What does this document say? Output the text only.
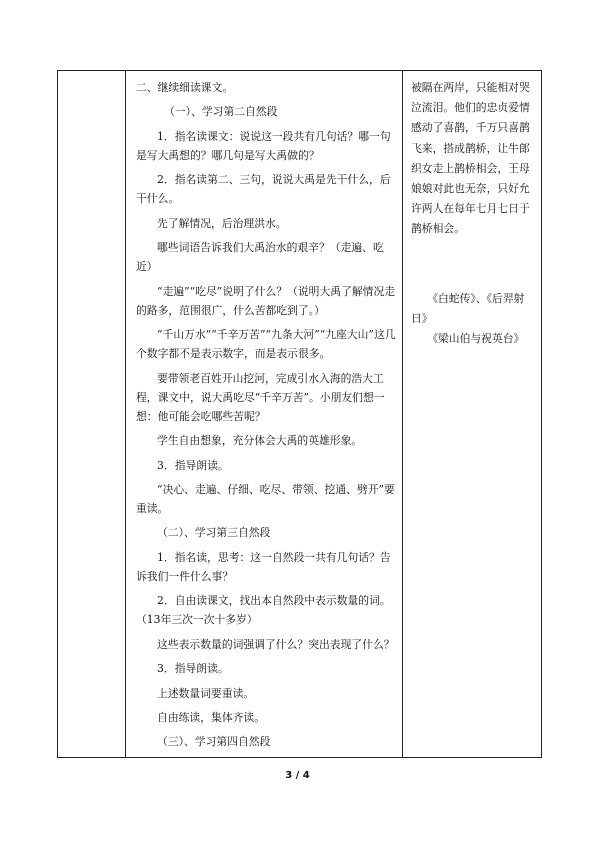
二、继续细读课文。

（一）、学习第二自然段

1．指名读课文：说说这一段共有几句话？哪一句是写大禹想的？哪几句是写大禹做的？

2．指名读第二、三句，说说大禹是先干什么，后干什么。

先了解情况，后治理洪水。

哪些词语告诉我们大禹治水的艰辛？（走遍、吃近）

“走遍”“吃尽”说明了什么？（说明大禹了解情况走的路多，范围很广，什么苦都吃到了。）

“千山万水”“千辛万苦”“九条大河”“九座大山”这几个数字都不是表示数字，而是表示很多。

要带领老百姓开山挖河，完成引水入海的浩大工程，课文中，说大禹吃尽“千辛万苦”。小朋友们想一想：他可能会吃哪些苦呢？

学生自由想象，充分体会大禹的英雄形象。

3．指导朗读。

“决心、走遍、仔细、吃尽、带领、挖通、劈开”要重读。

（二）、学习第三自然段

1．指名读，思考：这一自然段一共有几句话？告诉我们一件什么事？

2．自由读课文，找出本自然段中表示数量的词。（13年三次一次十多岁）

这些表示数量的词强调了什么？突出表现了什么？

3．指导朗读。

上述数量词要重读。

自由练读，集体齐读。

（三）、学习第四自然段

被隔在两岸，只能相对哭泣流泪。他们的忠贞爱情感动了喜鹊，千万只喜鹊飞来，搭成鹊桥，让牛郎织女走上鹊桥相会，王母娘娘对此也无奈，只好允许两人在每年七月七日于鹊桥相会。

《白蛇传》、《后羿射日》

《梁山伯与祝英台》

3 / 4
